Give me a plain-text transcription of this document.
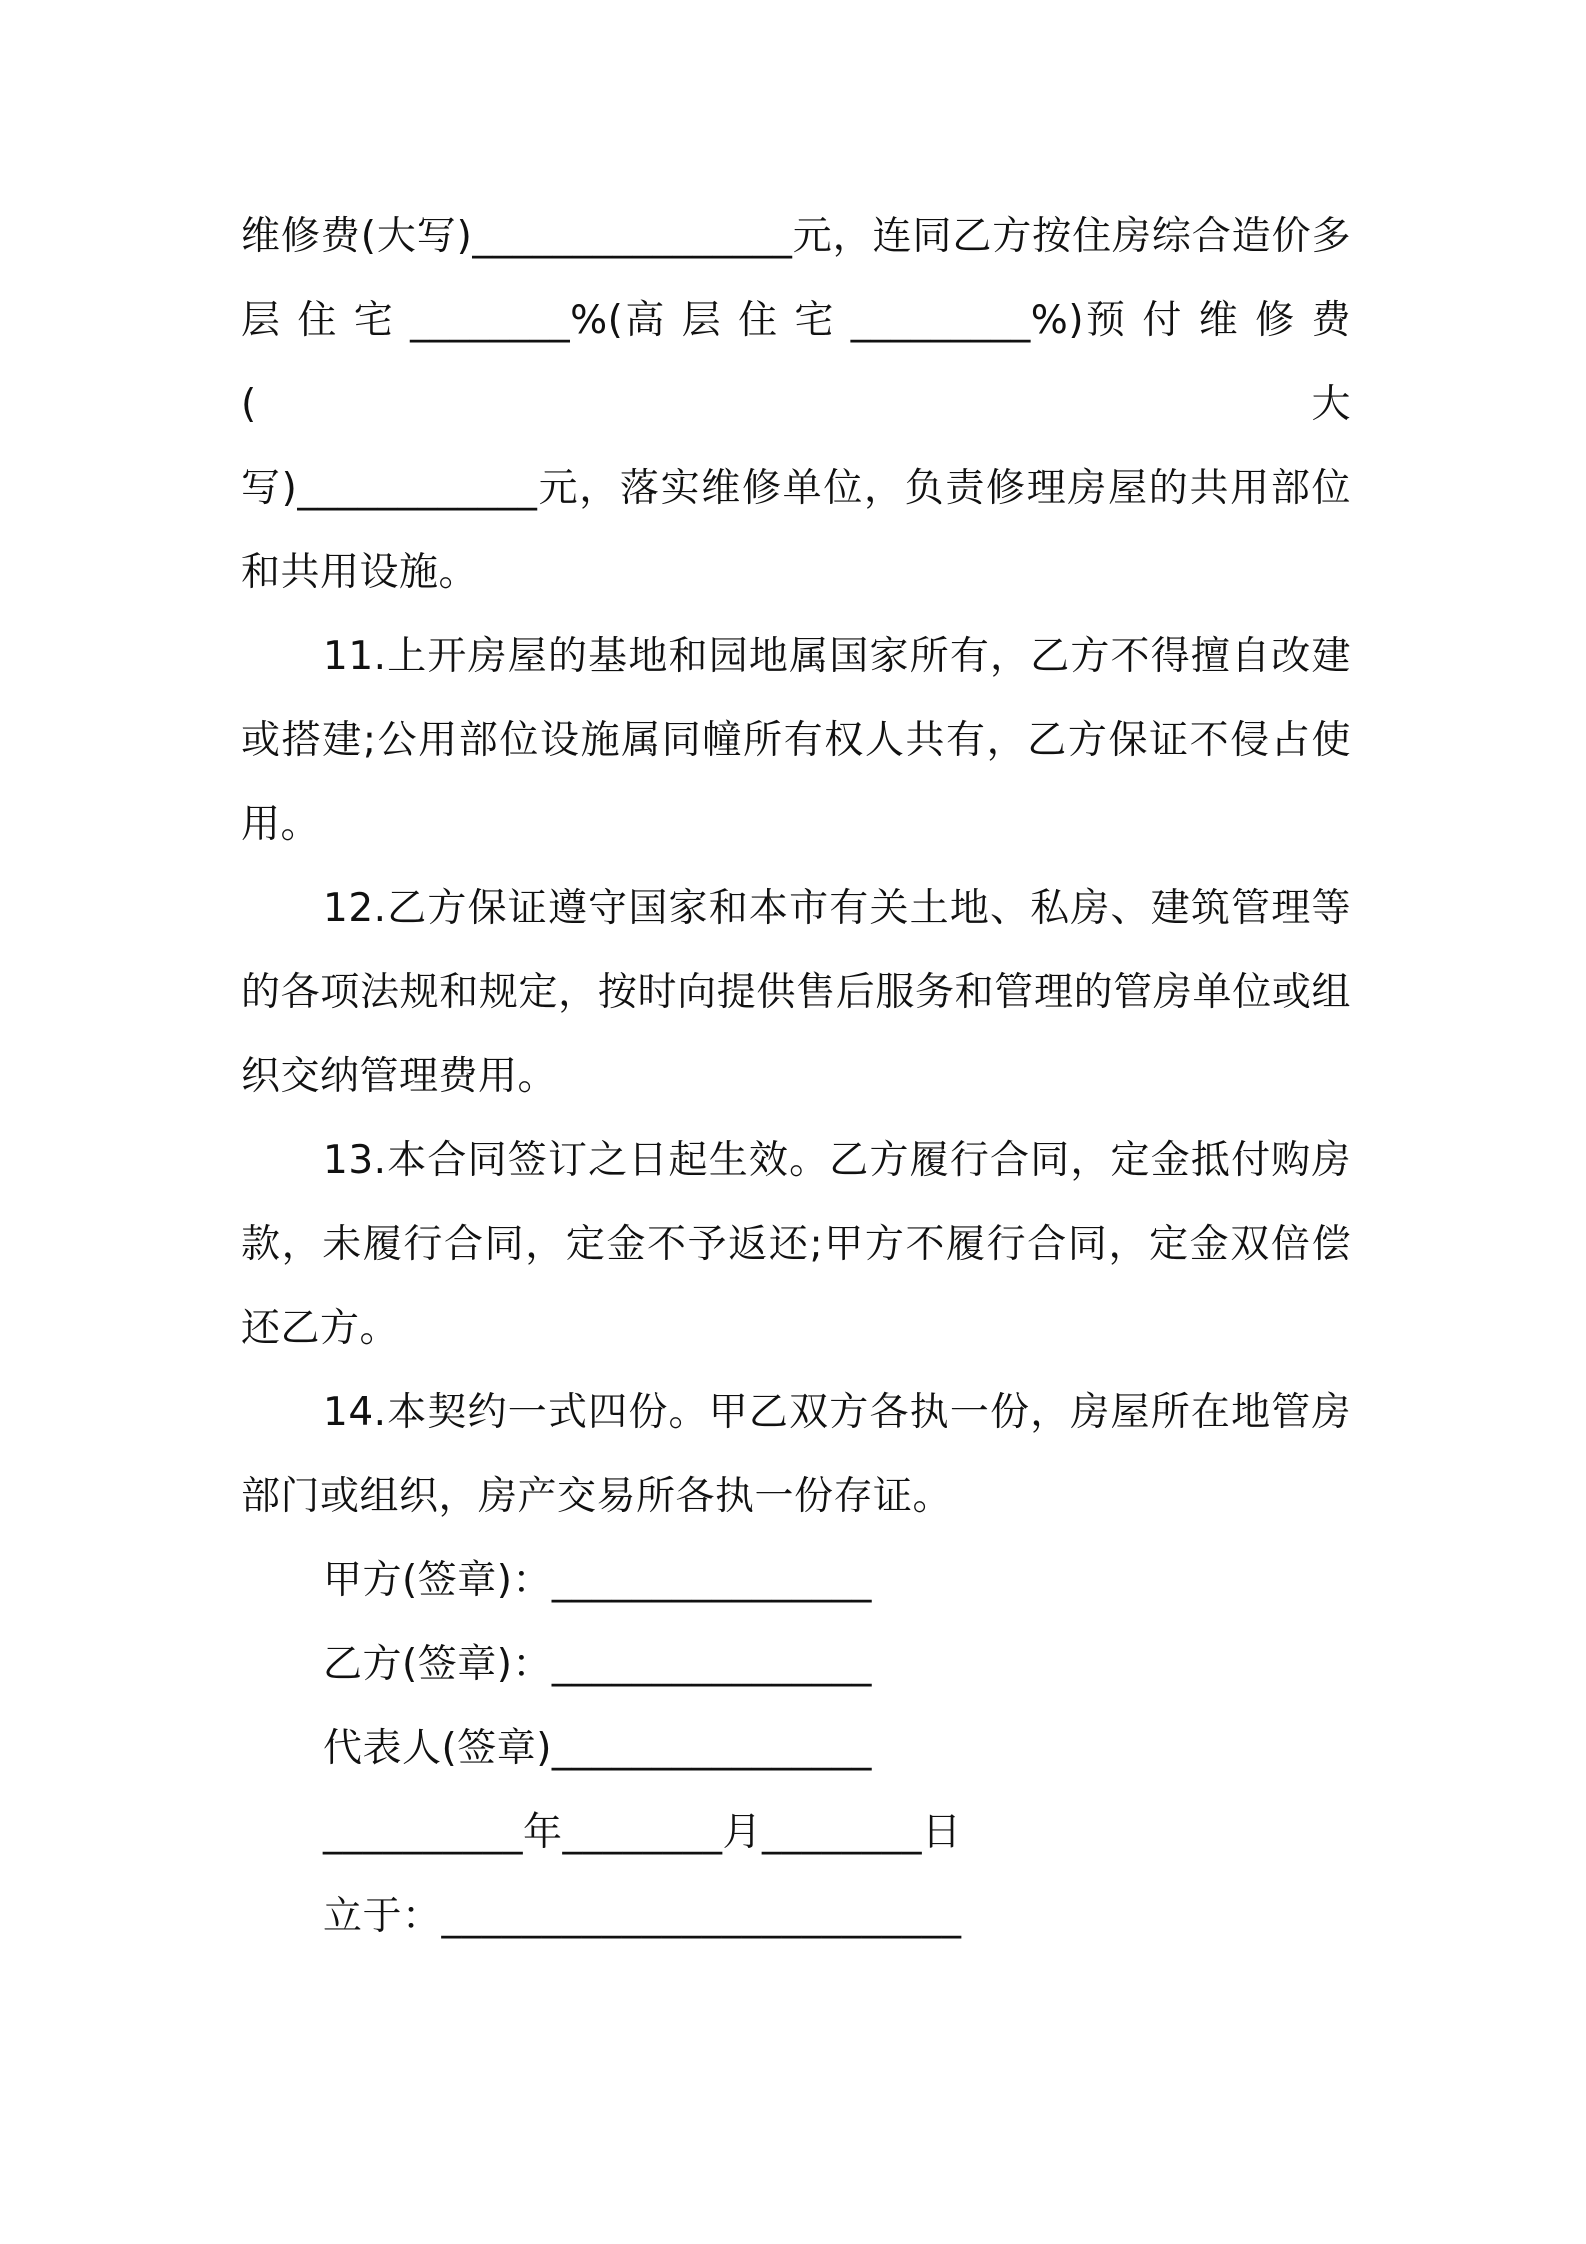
维修费(大写)________________元，连同乙方按住房综合造价多
层 住 宅 ________%(高 层 住 宅 _________%)预 付 维 修 费 (大
写)____________元，落实维修单位，负责修理房屋的共用部位
和共用设施。

11.上开房屋的基地和园地属国家所有，乙方不得擅自改建或搭建;公用部位设施属同幢所有权人共有，乙方保证不侵占使用。

12.乙方保证遵守国家和本市有关土地、私房、建筑管理等的各项法规和规定，按时向提供售后服务和管理的管房单位或组织交纳管理费用。

13.本合同签订之日起生效。乙方履行合同，定金抵付购房款，未履行合同，定金不予返还;甲方不履行合同，定金双倍偿还乙方。

14.本契约一式四份。甲乙双方各执一份，房屋所在地管房部门或组织，房产交易所各执一份存证。

甲方(签章)：________________
乙方(签章)：________________
代表人(签章)________________
__________年________月________日
立于：__________________________
